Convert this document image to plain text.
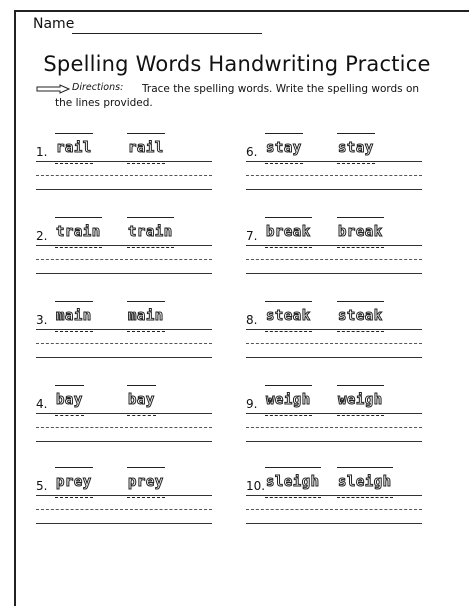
Name
Spelling Words Handwriting Practice
Directions: Trace the spelling words. Write the spelling words on
the lines provided.
1. rail	rail
2. train train
3. main	main
4. bay	bay
5. prey	prey
6. stay	stay
7. break break
8. steak steak
9. weigh weigh
10. sleigh sleigh
